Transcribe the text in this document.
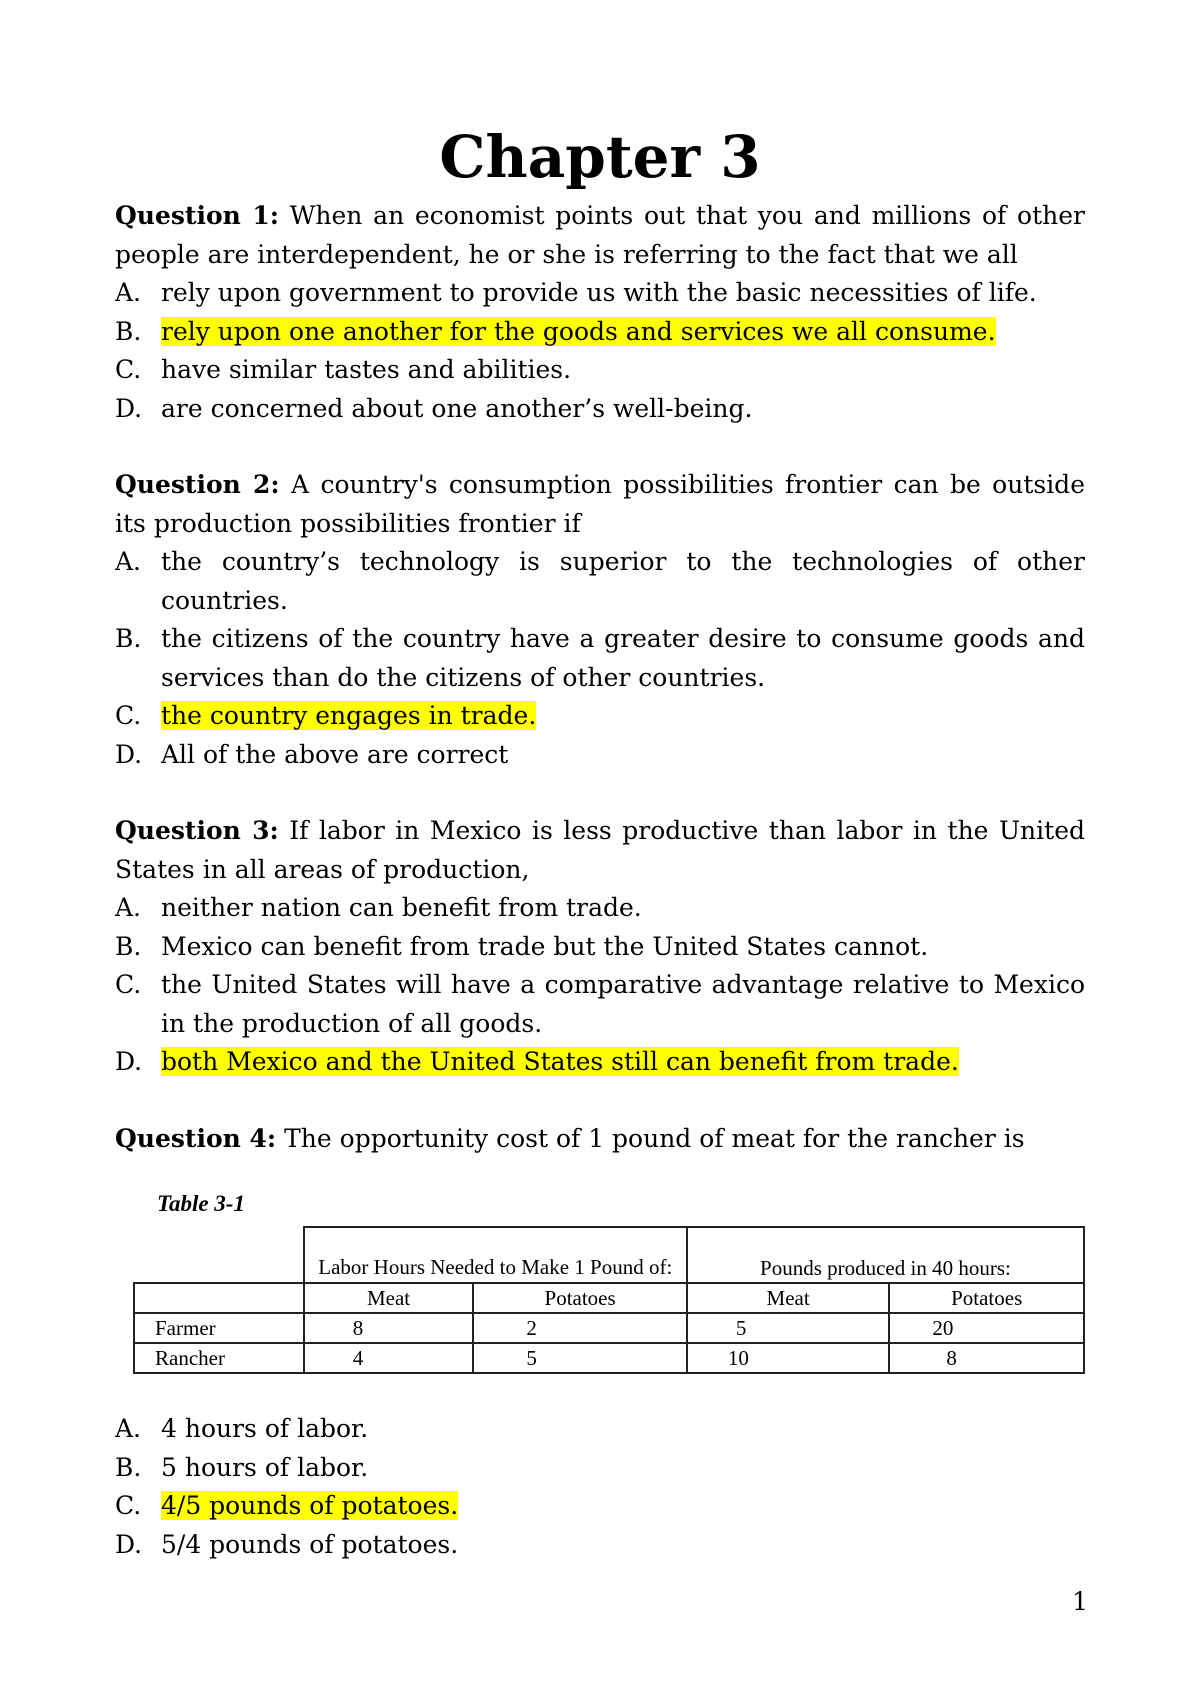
Chapter 3

Question 1: When an economist points out that you and millions of other people are interdependent, he or she is referring to the fact that we all

A. rely upon government to provide us with the basic necessities of life.
B. rely upon one another for the goods and services we all consume.
C. have similar tastes and abilities.
D. are concerned about one another’s well-being.

Question 2: A country's consumption possibilities frontier can be outside its production possibilities frontier if

A. the country’s technology is superior to the technologies of other countries.
B. the citizens of the country have a greater desire to consume goods and services than do the citizens of other countries.
C. the country engages in trade.
D. All of the above are correct

Question 3: If labor in Mexico is less productive than labor in the United States in all areas of production,

A. neither nation can benefit from trade.
B. Mexico can benefit from trade but the United States cannot.
C. the United States will have a comparative advantage relative to Mexico in the production of all goods.
D. both Mexico and the United States still can benefit from trade.

Question 4: The opportunity cost of 1 pound of meat for the rancher is

Table 3-1
	Labor Hours Needed to Make 1 Pound of:		Pounds produced in 40 hours:	
	Meat	Potatoes	Meat	Potatoes
Farmer	8	2	5	20
Rancher	4	5	10	8
A. 4 hours of labor.
B. 5 hours of labor.
C. 4/5 pounds of potatoes.
D. 5/4 pounds of potatoes.
1
